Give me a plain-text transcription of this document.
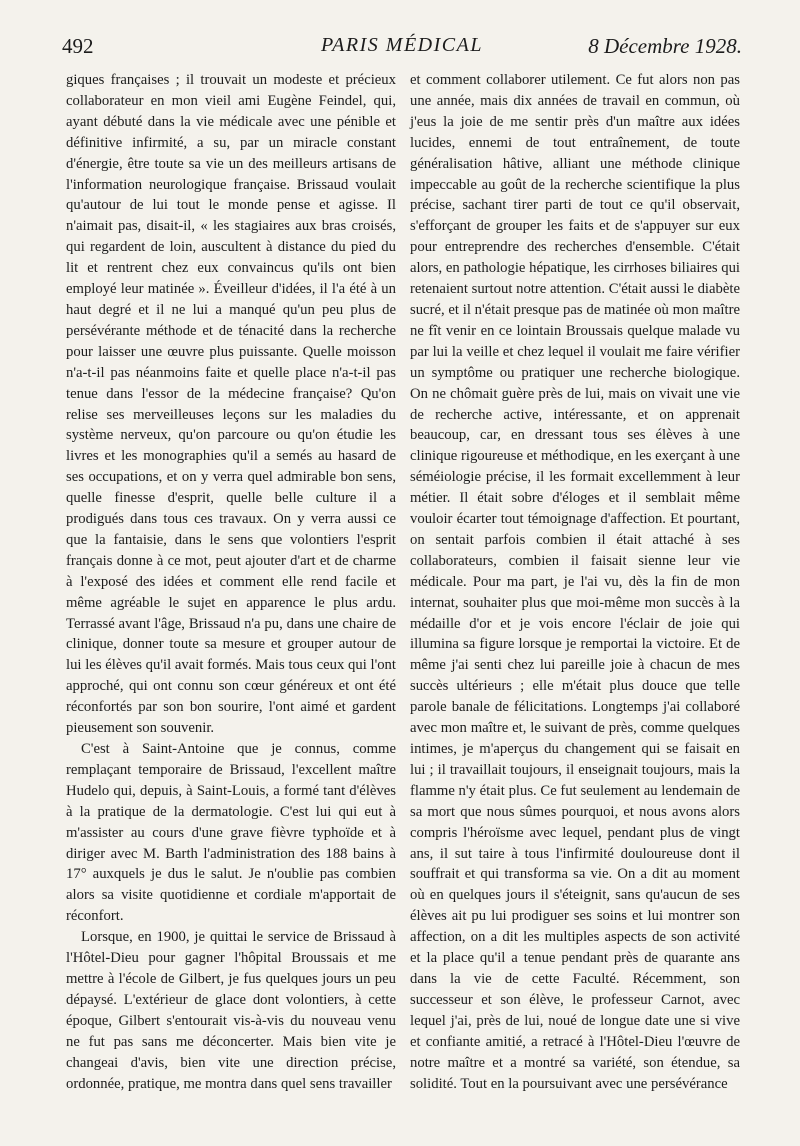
492	PARIS MÉDICAL	8 Décembre 1928.

giques françaises ; il trouvait un modeste et précieux collaborateur en mon vieil ami Eugène Feindel, qui, ayant débuté dans la vie médicale avec une pénible et définitive infirmité, a su, par un miracle constant d'énergie, être toute sa vie un des meilleurs artisans de l'information neurologique française. Brissaud voulait qu'autour de lui tout le monde pense et agisse. Il n'aimait pas, disait-il, « les stagiaires aux bras croisés, qui regardent de loin, auscultent à distance du pied du lit et rentrent chez eux convaincus qu'ils ont bien employé leur matinée ». Éveilleur d'idées, il l'a été à un haut degré et il ne lui a manqué qu'un peu plus de persévérante méthode et de ténacité dans la recherche pour laisser une œuvre plus puissante. Quelle moisson n'a-t-il pas néanmoins faite et quelle place n'a-t-il pas tenue dans l'essor de la médecine française? Qu'on relise ses merveilleuses leçons sur les maladies du système nerveux, qu'on parcoure ou qu'on étudie les livres et les monographies qu'il a semés au hasard de ses occupations, et on y verra quel admirable bon sens, quelle finesse d'esprit, quelle belle culture il a prodigués dans tous ces travaux. On y verra aussi ce que la fantaisie, dans le sens que volontiers l'esprit français donne à ce mot, peut ajouter d'art et de charme à l'exposé des idées et comment elle rend facile et même agréable le sujet en apparence le plus ardu. Terrassé avant l'âge, Brissaud n'a pu, dans une chaire de clinique, donner toute sa mesure et grouper autour de lui les élèves qu'il avait formés. Mais tous ceux qui l'ont approché, qui ont connu son cœur généreux et ont été réconfortés par son bon sourire, l'ont aimé et gardent pieusement son souvenir.

C'est à Saint-Antoine que je connus, comme remplaçant temporaire de Brissaud, l'excellent maître Hudelo qui, depuis, à Saint-Louis, a formé tant d'élèves à la pratique de la dermatologie. C'est lui qui eut à m'assister au cours d'une grave fièvre typhoïde et à diriger avec M. Barth l'administration des 188 bains à 17° auxquels je dus le salut. Je n'oublie pas combien alors sa visite quotidienne et cordiale m'apportait de réconfort.

Lorsque, en 1900, je quittai le service de Brissaud à l'Hôtel-Dieu pour gagner l'hôpital Broussais et me mettre à l'école de Gilbert, je fus quelques jours un peu dépaysé. L'extérieur de glace dont volontiers, à cette époque, Gilbert s'entourait vis-à-vis du nouveau venu ne fut pas sans me déconcerter. Mais bien vite je changeai d'avis, bien vite une direction précise, ordonnée, pratique, me montra dans quel sens travailler

et comment collaborer utilement. Ce fut alors non pas une année, mais dix années de travail en commun, où j'eus la joie de me sentir près d'un maître aux idées lucides, ennemi de tout entraînement, de toute généralisation hâtive, alliant une méthode clinique impeccable au goût de la recherche scientifique la plus précise, sachant tirer parti de tout ce qu'il observait, s'efforçant de grouper les faits et de s'appuyer sur eux pour entreprendre des recherches d'ensemble. C'était alors, en pathologie hépatique, les cirrhoses biliaires qui retenaient surtout notre attention. C'était aussi le diabète sucré, et il n'était presque pas de matinée où mon maître ne fît venir en ce lointain Broussais quelque malade vu par lui la veille et chez lequel il voulait me faire vérifier un symptôme ou pratiquer une recherche biologique. On ne chômait guère près de lui, mais on vivait une vie de recherche active, intéressante, et on apprenait beaucoup, car, en dressant tous ses élèves à une clinique rigoureuse et méthodique, en les exerçant à une séméiologie précise, il les formait excellemment à leur métier. Il était sobre d'éloges et il semblait même vouloir écarter tout témoignage d'affection. Et pourtant, on sentait parfois combien il était attaché à ses collaborateurs, combien il faisait sienne leur vie médicale. Pour ma part, je l'ai vu, dès la fin de mon internat, souhaiter plus que moi-même mon succès à la médaille d'or et je vois encore l'éclair de joie qui illumina sa figure lorsque je remportai la victoire. Et de même j'ai senti chez lui pareille joie à chacun de mes succès ultérieurs ; elle m'était plus douce que telle parole banale de félicitations. Longtemps j'ai collaboré avec mon maître et, le suivant de près, comme quelques intimes, je m'aperçus du changement qui se faisait en lui ; il travaillait toujours, il enseignait toujours, mais la flamme n'y était plus. Ce fut seulement au lendemain de sa mort que nous sûmes pourquoi, et nous avons alors compris l'héroïsme avec lequel, pendant plus de vingt ans, il sut taire à tous l'infirmité douloureuse dont il souffrait et qui transforma sa vie. On a dit au moment où en quelques jours il s'éteignit, sans qu'aucun de ses élèves ait pu lui prodiguer ses soins et lui montrer son affection, on a dit les multiples aspects de son activité et la place qu'il a tenue pendant près de quarante ans dans la vie de cette Faculté. Récemment, son successeur et son élève, le professeur Carnot, avec lequel j'ai, près de lui, noué de longue date une si vive et confiante amitié, a retracé à l'Hôtel-Dieu l'œuvre de notre maître et a montré sa variété, son étendue, sa solidité. Tout en la poursuivant avec une persévérance
